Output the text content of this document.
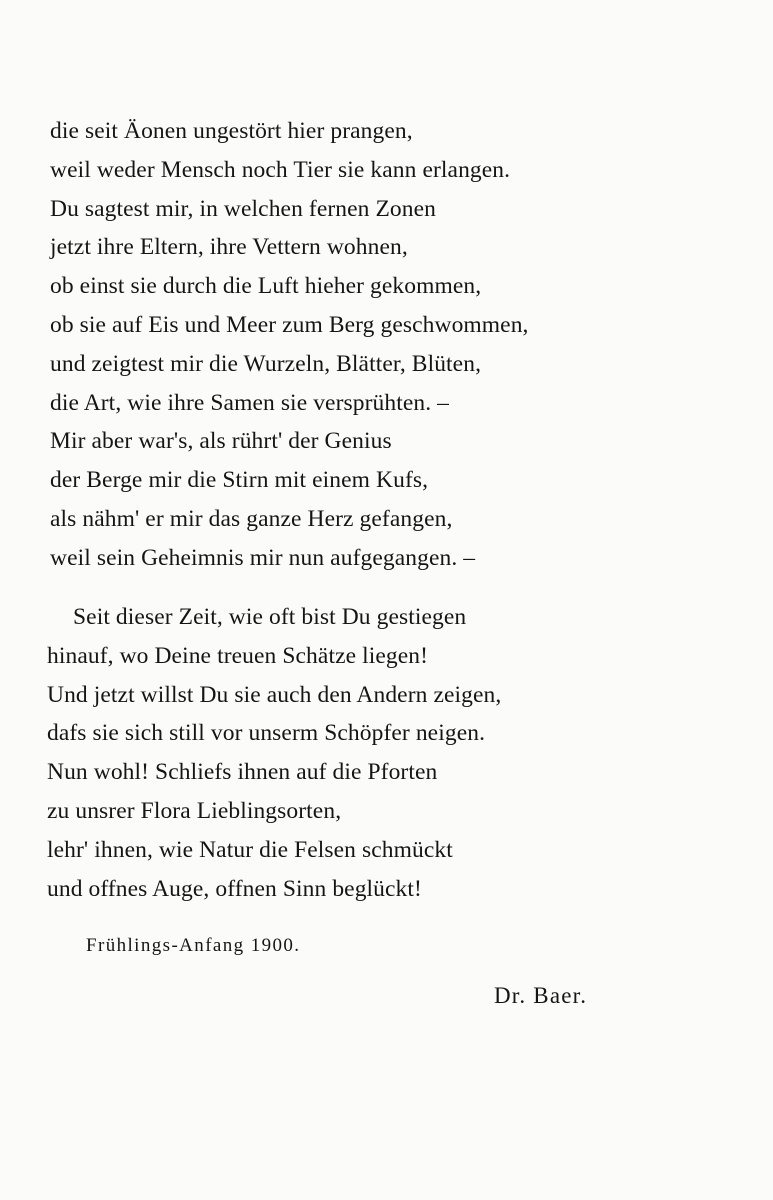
die seit Äonen ungestört hier prangen,
weil weder Mensch noch Tier sie kann erlangen.
Du sagtest mir, in welchen fernen Zonen
jetzt ihre Eltern, ihre Vettern wohnen,
ob einst sie durch die Luft hieher gekommen,
ob sie auf Eis und Meer zum Berg geschwommen,
und zeigtest mir die Wurzeln, Blätter, Blüten,
die Art, wie ihre Samen sie versprühten. –
Mir aber war's, als rührt' der Genius
der Berge mir die Stirn mit einem Kufs,
als nähm' er mir das ganze Herz gefangen,
weil sein Geheimnis mir nun aufgegangen. –
Seit dieser Zeit, wie oft bist Du gestiegen
hinauf, wo Deine treuen Schätze liegen!
Und jetzt willst Du sie auch den Andern zeigen,
dafs sie sich still vor unserm Schöpfer neigen.
Nun wohl! Schliefs ihnen auf die Pforten
zu unsrer Flora Lieblingsorten,
lehr' ihnen, wie Natur die Felsen schmückt
und offnes Auge, offnen Sinn beglückt!
Frühlings-Anfang 1900.
Dr. Baer.
